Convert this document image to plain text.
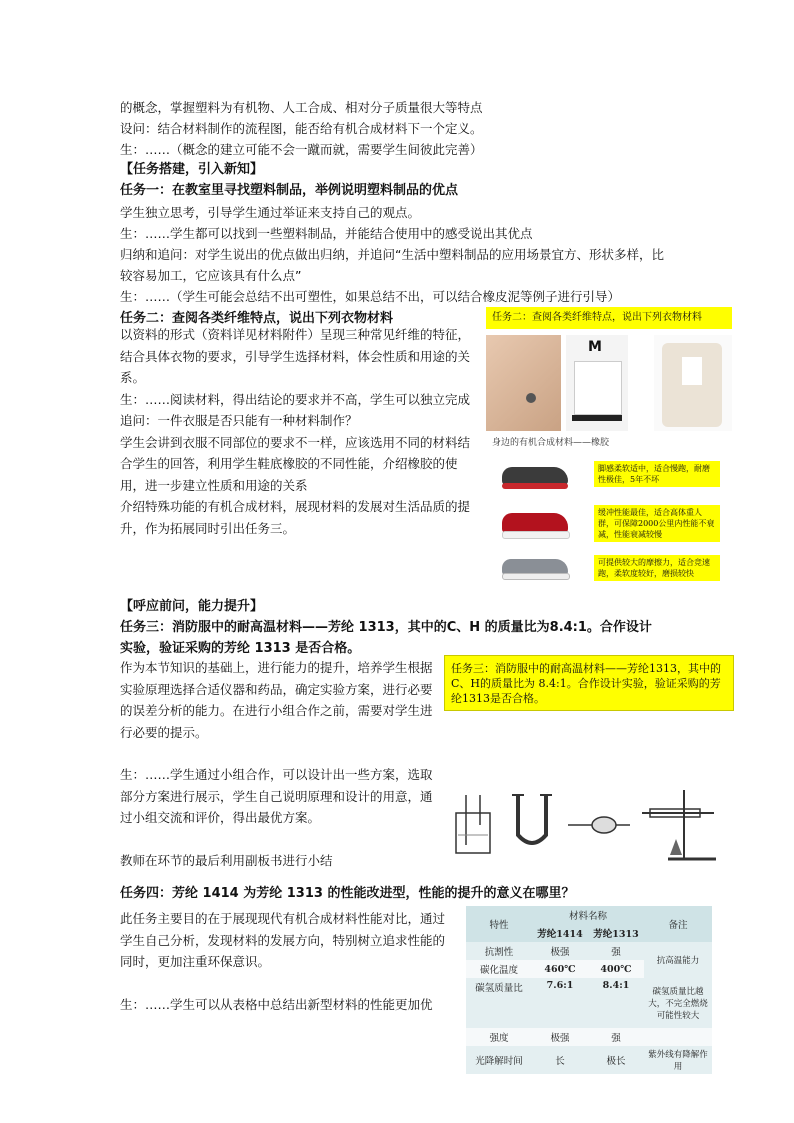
的概念，掌握塑料为有机物、人工合成、相对分子质量很大等特点
设问：结合材料制作的流程图，能否给有机合成材料下一个定义。
生：……（概念的建立可能不会一蹴而就，需要学生间彼此完善）
【任务搭建，引入新知】
任务一：在教室里寻找塑料制品，举例说明塑料制品的优点
学生独立思考，引导学生通过举证来支持自己的观点。
生：……学生都可以找到一些塑料制品，并能结合使用中的感受说出其优点
归纳和追问：对学生说出的优点做出归纳，并追问“生活中塑料制品的应用场景宜方、形状多样，比
较容易加工，它应该具有什么点”
生：……（学生可能会总结不出可塑性，如果总结不出，可以结合橡皮泥等例子进行引导）
任务二：查阅各类纤维特点，说出下列衣物材料
以资料的形式（资料详见材料附件）呈现三种常见纤维的特征，结合具体衣物的要求，引导学生选择材料，体会性质和用途的关系。
生：……阅读材料，得出结论的要求并不高，学生可以独立完成
追问：一件衣服是否只能有一种材料制作？
学生会讲到衣服不同部位的要求不一样，应该选用不同的材料结合学生的回答，利用学生鞋底橡胶的不同性能，介绍橡胶的使用，进一步建立性质和用途的关系
介绍特殊功能的有机合成材料，展现材料的发展对生活品质的提升，作为拓展同时引出任务三。
任务二：查阅各类纤维特点，说出下列衣物材料
M
身边的有机合成材料——橡胶
脚感柔软适中，适合慢跑，耐磨性极佳，5年不坏
缓冲性能最佳，适合高体重人群，可保障2000公里内性能不衰减，性能衰减较慢
可提供较大的摩擦力，适合竞速跑，柔软度较好，磨损较快
【呼应前问，能力提升】
任务三：消防服中的耐高温材料——芳纶 1313，其中的C、H 的质量比为8.4:1。合作设计
实验，验证采购的芳纶 1313 是否合格。
作为本节知识的基础上，进行能力的提升，培养学生根据实验原理选择合适仪器和药品，确定实验方案，进行必要的误差分析的能力。在进行小组合作之前，需要对学生进行必要的提示。
生：……学生通过小组合作，可以设计出一些方案，选取部分方案进行展示，学生自己说明原理和设计的用意，通过小组交流和评价，得出最优方案。
教师在环节的最后利用副板书进行小结
任务三：消防服中的耐高温材料——芳纶1313，其中的C、H的质量比为 8.4:1。合作设计实验，验证采购的芳纶1313是否合格。
任务四：芳纶 1414 为芳纶 1313 的性能改进型，性能的提升的意义在哪里？
此任务主要目的在于展现现代有机合成材料性能对比，通过学生自己分析，发现材料的发展方向，特别树立追求性能的同时，更加注重环保意识。
生：……学生可以从表格中总结出新型材料的性能更加优
特性	材料名称		备注
	芳纶1414	芳纶1313	
抗割性	极强	强	抗高温能力
碳化温度	460℃	400℃	
碳氢质量比	7.6:1	8.4:1	碳氢质量比越大，不完全燃烧可能性较大
强度	极强	强	
光降解时间	长	极长	紫外线有降解作用
